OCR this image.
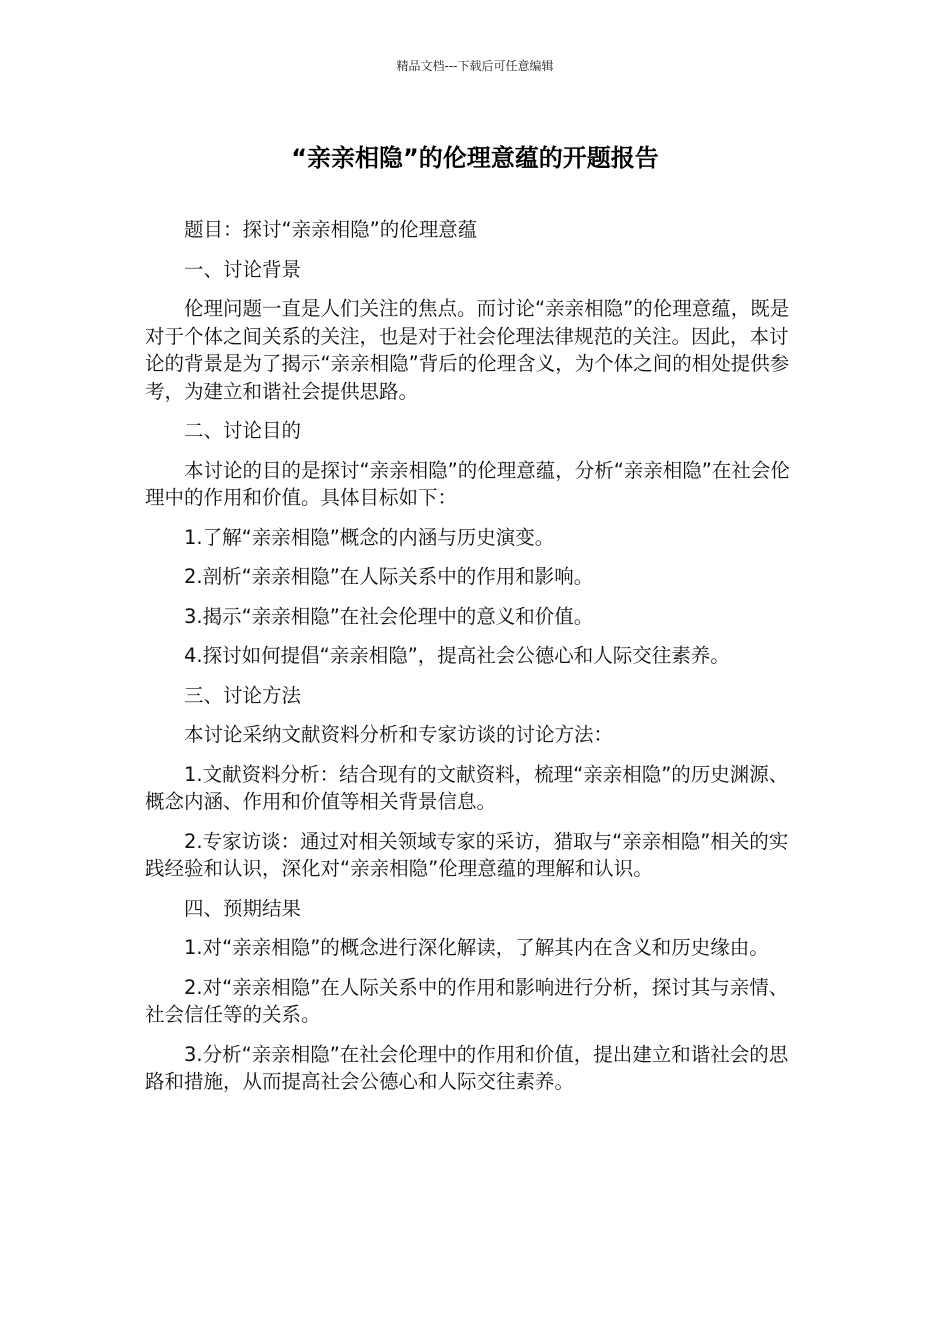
精品文档---下载后可任意编辑
“亲亲相隐”的伦理意蕴的开题报告

题目：探讨“亲亲相隐”的伦理意蕴

一、讨论背景

伦理问题一直是人们关注的焦点。而讨论“亲亲相隐”的伦理意蕴，既是对于个体之间关系的关注，也是对于社会伦理法律规范的关注。因此，本讨论的背景是为了揭示“亲亲相隐”背后的伦理含义，为个体之间的相处提供参考，为建立和谐社会提供思路。

二、讨论目的

本讨论的目的是探讨“亲亲相隐”的伦理意蕴，分析“亲亲相隐”在社会伦理中的作用和价值。具体目标如下：

1.了解“亲亲相隐”概念的内涵与历史演变。

2.剖析“亲亲相隐”在人际关系中的作用和影响。

3.揭示“亲亲相隐”在社会伦理中的意义和价值。

4.探讨如何提倡“亲亲相隐”，提高社会公德心和人际交往素养。

三、讨论方法

本讨论采纳文献资料分析和专家访谈的讨论方法：

1.文献资料分析：结合现有的文献资料，梳理“亲亲相隐”的历史渊源、概念内涵、作用和价值等相关背景信息。

2.专家访谈：通过对相关领域专家的采访，猎取与“亲亲相隐”相关的实践经验和认识，深化对“亲亲相隐”伦理意蕴的理解和认识。

四、预期结果

1.对“亲亲相隐”的概念进行深化解读，了解其内在含义和历史缘由。

2.对“亲亲相隐”在人际关系中的作用和影响进行分析，探讨其与亲情、社会信任等的关系。

3.分析“亲亲相隐”在社会伦理中的作用和价值，提出建立和谐社会的思路和措施，从而提高社会公德心和人际交往素养。
